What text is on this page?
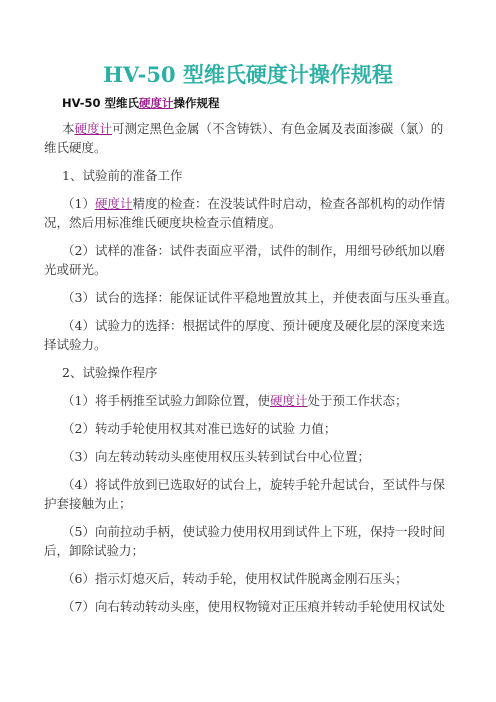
HV-50 型维氏硬度计操作规程
HV-50 型维氏硬度计操作规程
本硬度计可测定黑色金属（不含铸铁）、有色金属及表面渗碳（氯）的
维氏硬度。
1、试验前的准备工作
（1）硬度计精度的检查：在没装试件时启动，检查各部机构的动作情
况，然后用标准维氏硬度块检查示值精度。
（2）试样的准备：试件表面应平滑，试件的制作，用细号砂纸加以磨
光或研光。
（3）试台的选择：能保证试件平稳地置放其上，并使表面与压头垂直。
（4）试验力的选择：根据试件的厚度、预计硬度及硬化层的深度来选
择试验力。
2、试验操作程序
（1）将手柄推至试验力卸除位置，使硬度计处于预工作状态；
（2）转动手轮使用权其对准已选好的试验 力值；
（3）向左转动转动头座使用权压头转到试台中心位置；
（4）将试件放到已选取好的试台上，旋转手轮升起试台，至试件与保
护套接触为止；
（5）向前拉动手柄，使试验力使用权用到试件上下班，保持一段时间
后，卸除试验力；
（6）指示灯熄灭后，转动手轮，使用权试件脱离金刚石压头；
（7）向右转动转动头座，使用权物镜对正压痕并转动手轮使用权试处
